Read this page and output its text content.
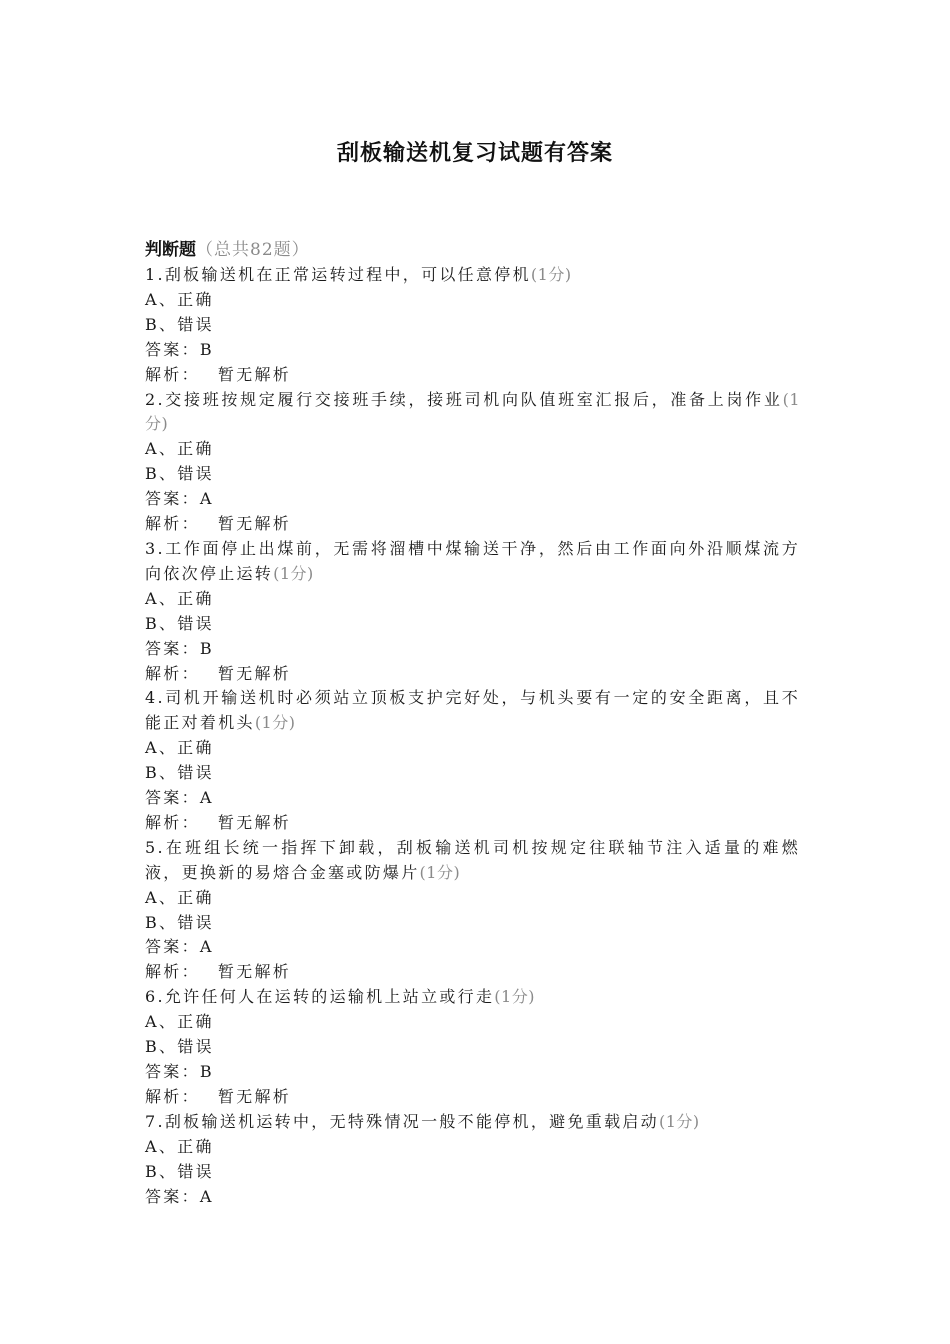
刮板输送机复习试题有答案
判断题（总共82题）
1.刮板输送机在正常运转过程中，可以任意停机(1分)
A、正确
B、错误
答案：B
解析： 暂无解析
2.交接班按规定履行交接班手续，接班司机向队值班室汇报后，准备上岗作业(1分)
A、正确
B、错误
答案：A
解析： 暂无解析
3.工作面停止出煤前，无需将溜槽中煤输送干净，然后由工作面向外沿顺煤流方向依次停止运转(1分)
A、正确
B、错误
答案：B
解析： 暂无解析
4.司机开输送机时必须站立顶板支护完好处，与机头要有一定的安全距离，且不能正对着机头(1分)
A、正确
B、错误
答案：A
解析： 暂无解析
5.在班组长统一指挥下卸载，刮板输送机司机按规定往联轴节注入适量的难燃液，更换新的易熔合金塞或防爆片(1分)
A、正确
B、错误
答案：A
解析： 暂无解析
6.允许任何人在运转的运输机上站立或行走(1分)
A、正确
B、错误
答案：B
解析： 暂无解析
7.刮板输送机运转中，无特殊情况一般不能停机，避免重载启动(1分)
A、正确
B、错误
答案：A
